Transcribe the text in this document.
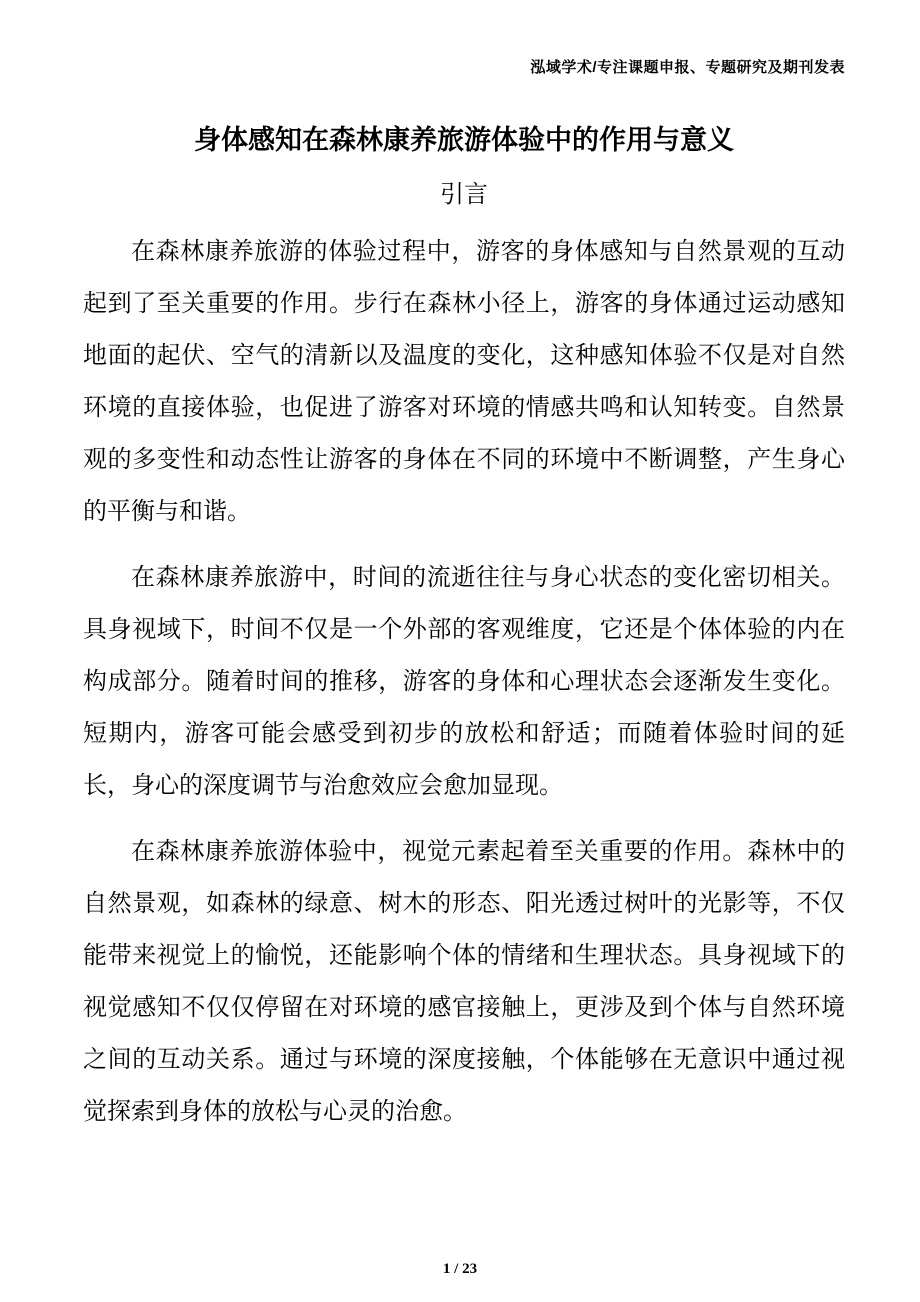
泓域学术/专注课题申报、专题研究及期刊发表
身体感知在森林康养旅游体验中的作用与意义
引言

在森林康养旅游的体验过程中，游客的身体感知与自然景观的互动起到了至关重要的作用。步行在森林小径上，游客的身体通过运动感知地面的起伏、空气的清新以及温度的变化，这种感知体验不仅是对自然环境的直接体验，也促进了游客对环境的情感共鸣和认知转变。自然景观的多变性和动态性让游客的身体在不同的环境中不断调整，产生身心的平衡与和谐。

在森林康养旅游中，时间的流逝往往与身心状态的变化密切相关。具身视域下，时间不仅是一个外部的客观维度，它还是个体体验的内在构成部分。随着时间的推移，游客的身体和心理状态会逐渐发生变化。短期内，游客可能会感受到初步的放松和舒适；而随着体验时间的延长，身心的深度调节与治愈效应会愈加显现。

在森林康养旅游体验中，视觉元素起着至关重要的作用。森林中的自然景观，如森林的绿意、树木的形态、阳光透过树叶的光影等，不仅能带来视觉上的愉悦，还能影响个体的情绪和生理状态。具身视域下的视觉感知不仅仅停留在对环境的感官接触上，更涉及到个体与自然环境之间的互动关系。通过与环境的深度接触，个体能够在无意识中通过视觉探索到身体的放松与心灵的治愈。

1 / 23
